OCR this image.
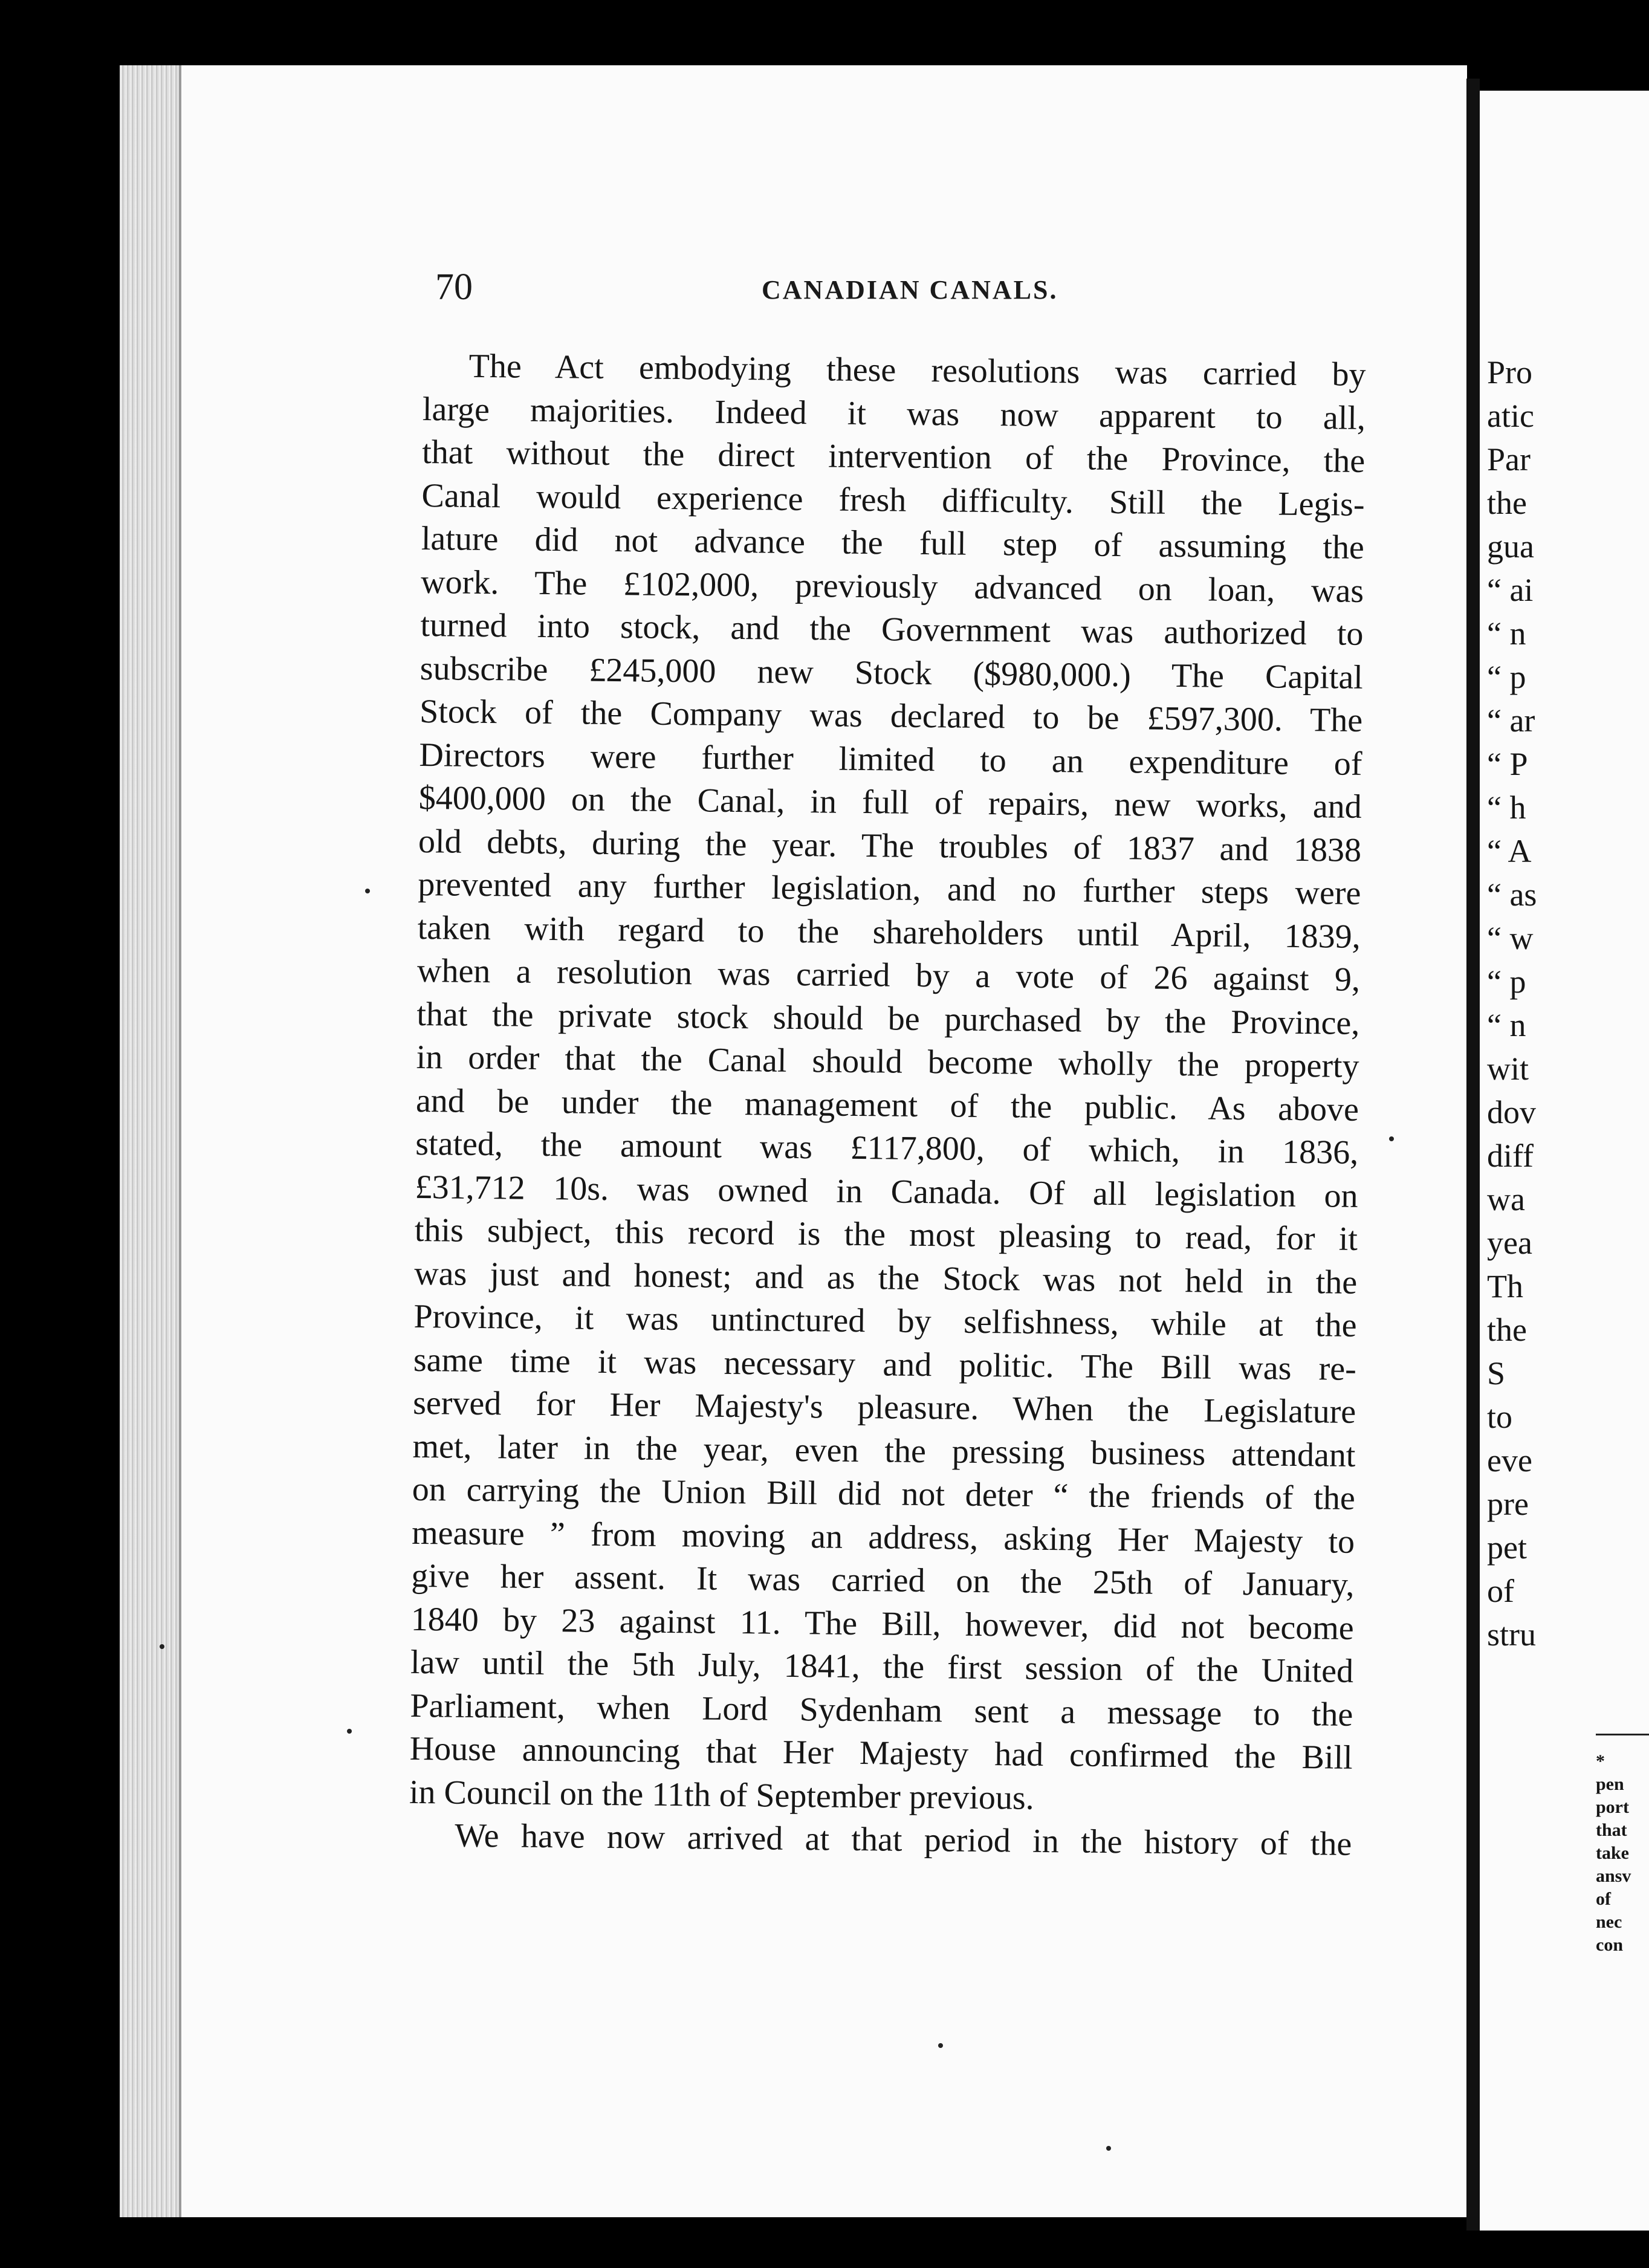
70	CANADIAN CANALS.
The Act embodying these resolutions was carried by
large majorities. Indeed it was now apparent to all,
that without the direct intervention of the Province, the
Canal would experience fresh difficulty. Still the Legis-
lature did not advance the full step of assuming the
work. The £102,000, previously advanced on loan, was
turned into stock, and the Government was authorized to
subscribe £245,000 new Stock ($980,000.) The Capital
Stock of the Company was declared to be £597,300. The
Directors were further limited to an expenditure of
$400,000 on the Canal, in full of repairs, new works, and
old debts, during the year. The troubles of 1837 and 1838
prevented any further legislation, and no further steps were
taken with regard to the shareholders until April, 1839,
when a resolution was carried by a vote of 26 against 9,
that the private stock should be purchased by the Province,
in order that the Canal should become wholly the property
and be under the management of the public. As above
stated, the amount was £117,800, of which, in 1836,
£31,712 10s. was owned in Canada. Of all legislation on
this subject, this record is the most pleasing to read, for it
was just and honest; and as the Stock was not held in the
Province, it was untinctured by selfishness, while at the
same time it was necessary and politic. The Bill was re-
served for Her Majesty's pleasure. When the Legislature
met, later in the year, even the pressing business attendant
on carrying the Union Bill did not deter “ the friends of the
measure ” from moving an address, asking Her Majesty to
give her assent. It was carried on the 25th of January,
1840 by 23 against 11. The Bill, however, did not become
law until the 5th July, 1841, the first session of the United
Parliament, when Lord Sydenham sent a message to the
House announcing that Her Majesty had confirmed the Bill
in Council on the 11th of September previous.
We have now arrived at that period in the history of the
Pro
atic
Par
the
gua
“ ai
“ n
“ p
“ ar
“ P
“ h
“ A
“ as
“ w
“ p
“ n
wit
dov
diff
wa
yea
Th
the
S
to
eve
pre
pet
of
stru
*
pen
port
that
take
ansv
of
nec
con
